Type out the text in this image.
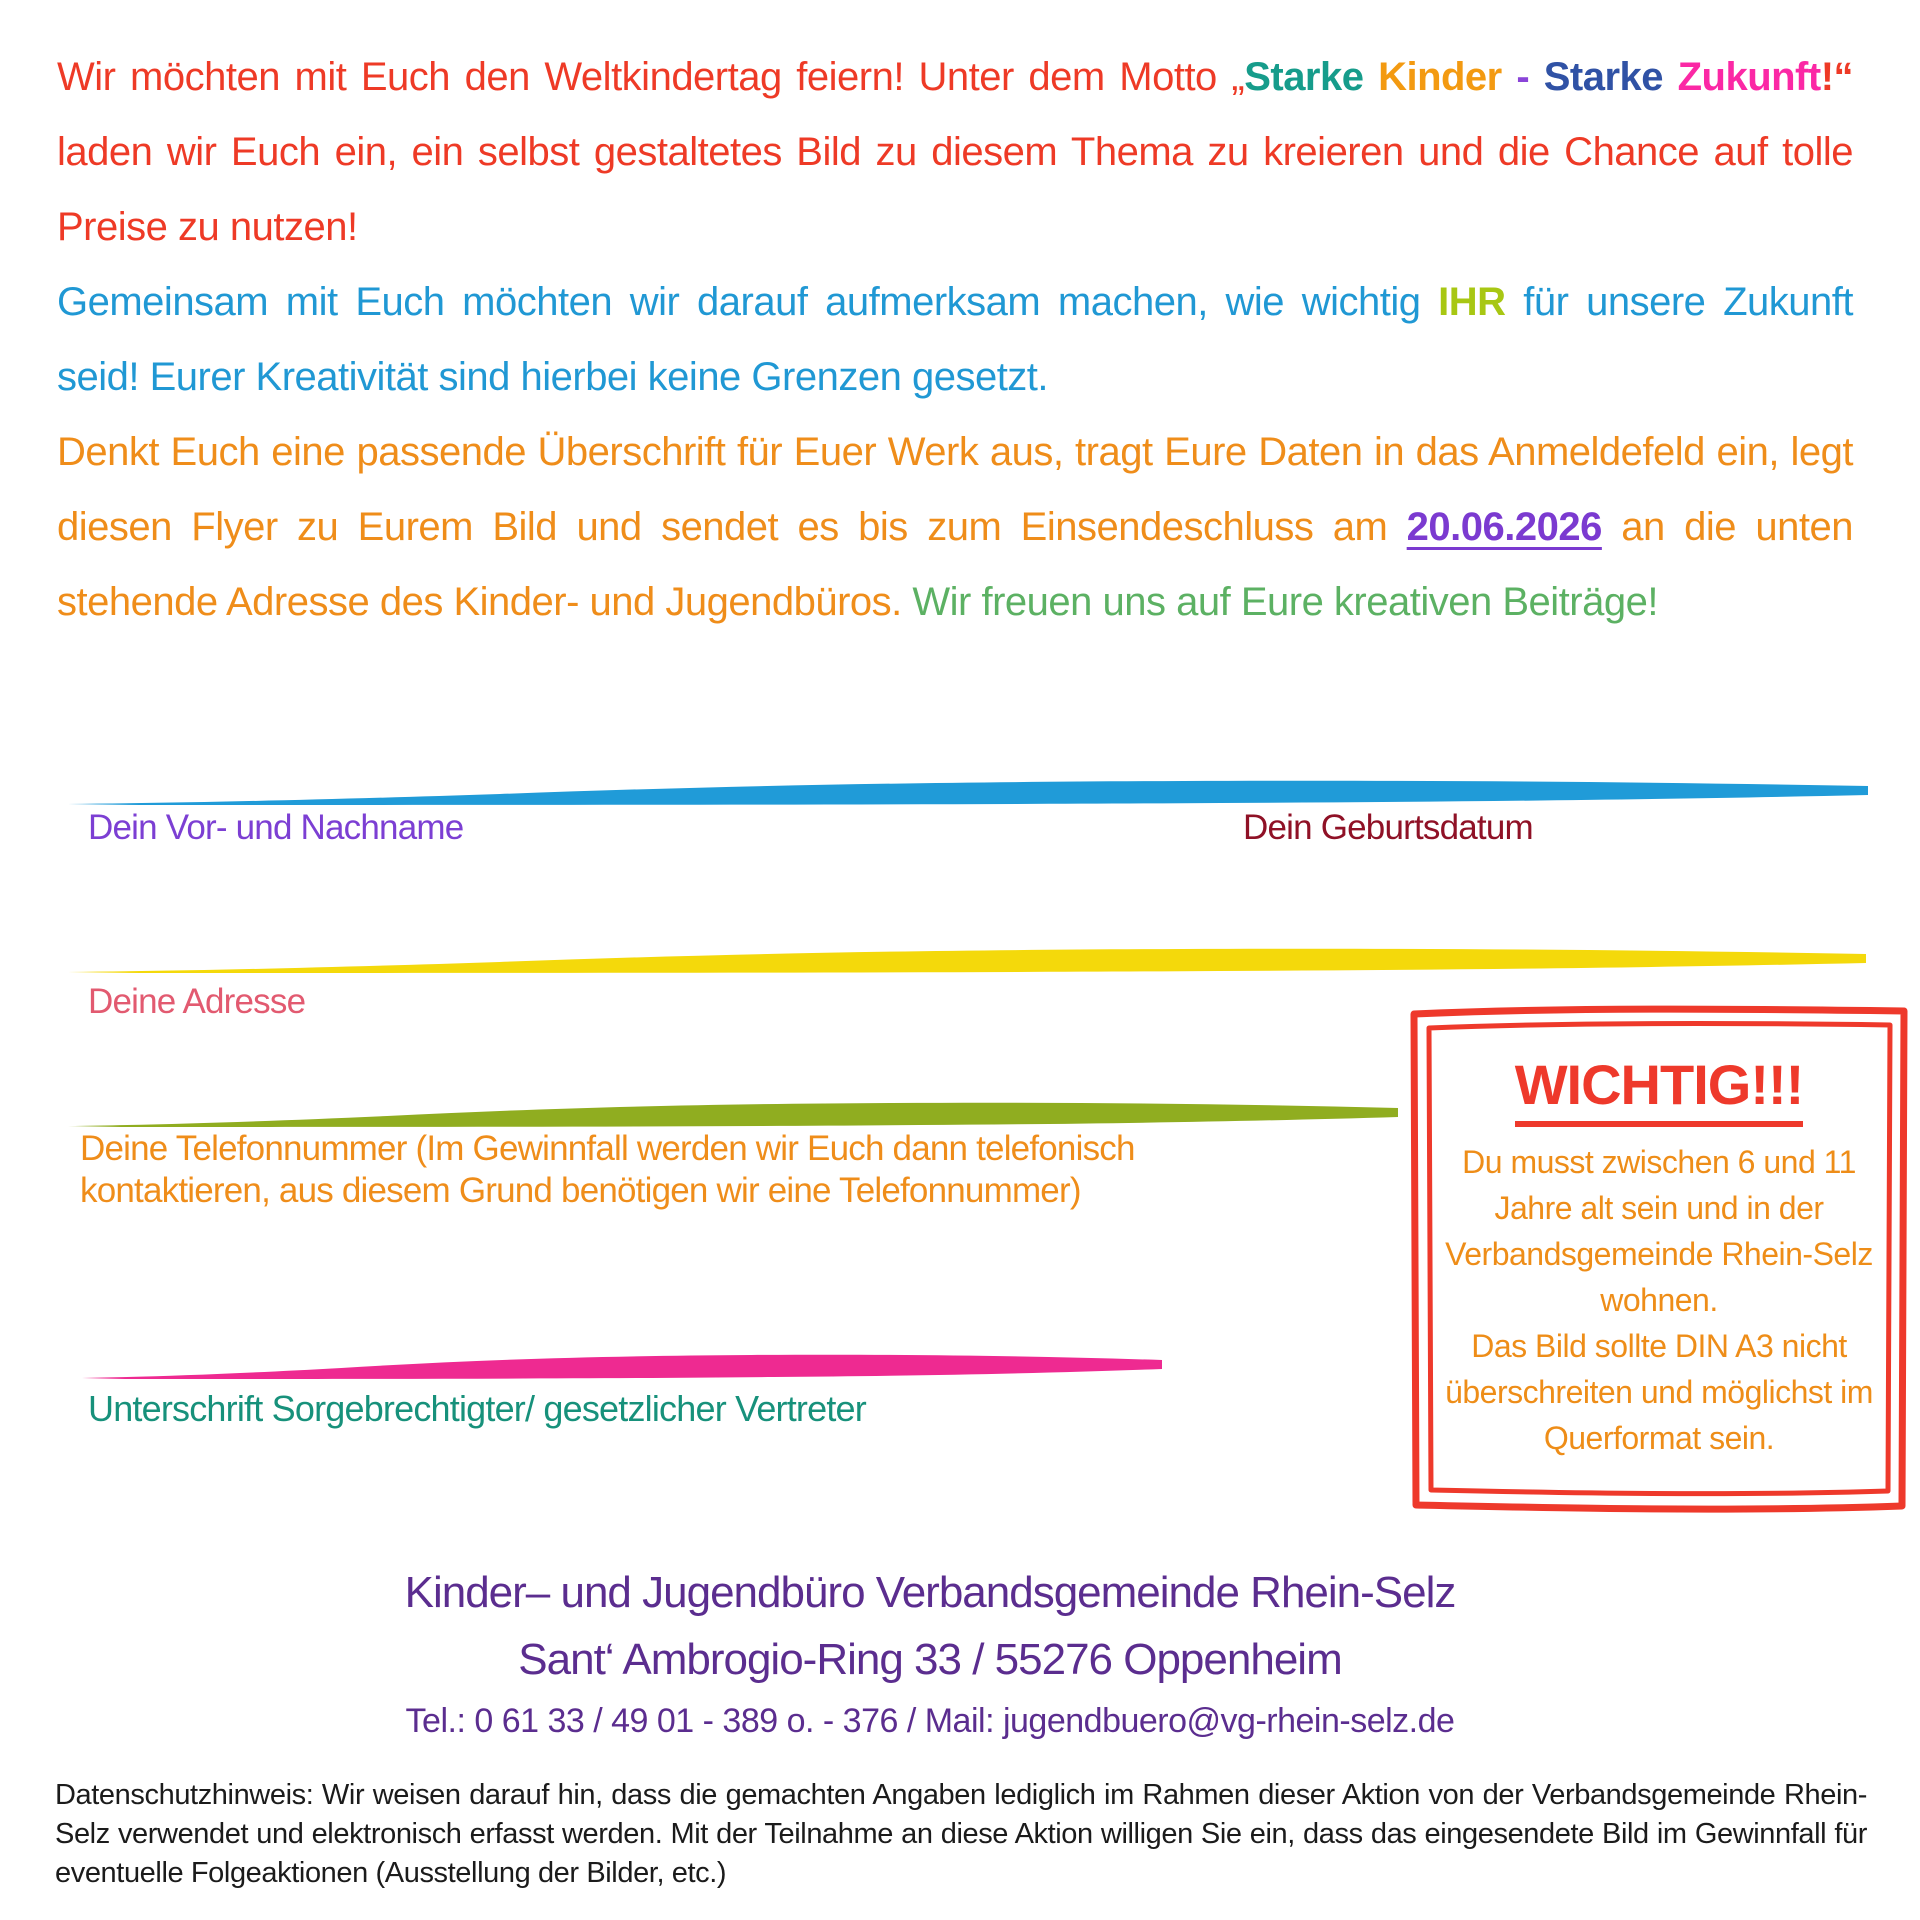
Wir möchten mit Euch den Weltkindertag feiern! Unter dem Motto „Starke Kinder - Starke Zukunft!“ laden wir Euch ein, ein selbst gestaltetes Bild zu diesem Thema zu kreieren und die Chance auf tolle Preise zu nutzen!

Gemeinsam mit Euch möchten wir darauf aufmerksam machen, wie wichtig IHR für unsere Zukunft seid! Eurer Kreativität sind hierbei keine Grenzen gesetzt.

Denkt Euch eine passende Überschrift für Euer Werk aus, tragt Eure Daten in das Anmeldefeld ein, legt diesen Flyer zu Eurem Bild und sendet es bis zum Einsendeschluss am 20.06.2026 an die unten stehende Adresse des Kinder- und Jugendbüros. Wir freuen uns auf Eure kreativen Beiträge!

Dein Vor- und Nachname	Dein Geburtsdatum
Deine Adresse
Deine Telefonnummer (Im Gewinnfall werden wir Euch dann telefonisch
kontaktieren, aus diesem Grund benötigen wir eine Telefonnummer)
Unterschrift Sorgebrechtigter/ gesetzlicher Vertreter
WICHTIG!!!
Du musst zwischen 6 und 11 Jahre alt sein und in der Verbandsgemeinde Rhein-Selz wohnen.
Das Bild sollte DIN A3 nicht überschreiten und möglichst im Querformat sein.
Kinder– und Jugendbüro Verbandsgemeinde Rhein-Selz
Sant‘ Ambrogio-Ring 33 / 55276 Oppenheim
Tel.: 0 61 33 / 49 01 - 389 o. - 376 / Mail: jugendbuero@vg-rhein-selz.de
Datenschutzhinweis: Wir weisen darauf hin, dass die gemachten Angaben lediglich im Rahmen dieser Aktion von der Verbandsgemeinde Rhein-Selz verwendet und elektronisch erfasst werden. Mit der Teilnahme an diese Aktion willigen Sie ein, dass das eingesendete Bild im Gewinnfall für eventuelle Folgeaktionen (Ausstellung der Bilder, etc.)
